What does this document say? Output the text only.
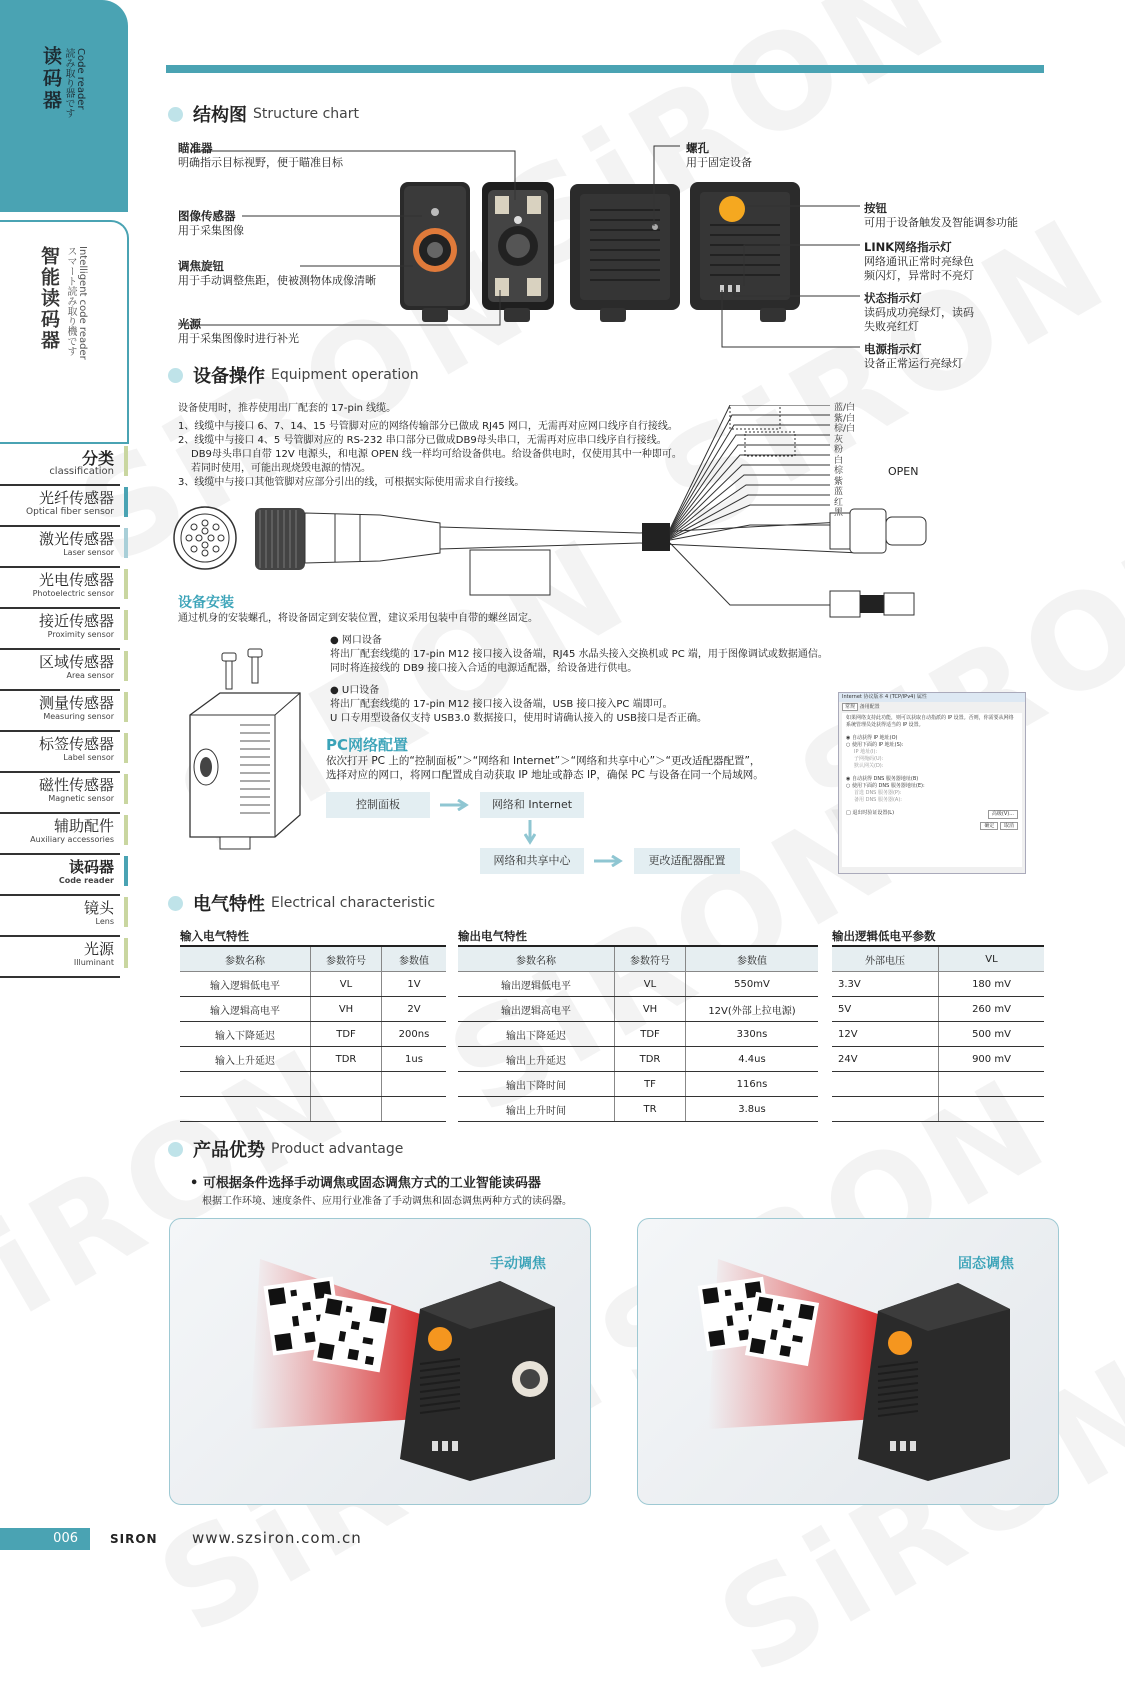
读码器	Code reader
読み取り器です
智能读码器	Intelligent code reader
スマート読み取り機です
分类
classification
光纤传感器
Optical fiber sensor
激光传感器
Laser sensor
光电传感器
Photoelectric sensor
接近传感器
Proximity sensor
区域传感器
Area sensor
测量传感器
Measuring sensor
标签传感器
Label sensor
磁性传感器
Magnetic sensor
辅助配件
Auxiliary accessories
读码器
Code reader
镜头
Lens
光源
Illuminant
结构图 Structure chart
瞄准器
明确指示目标视野，便于瞄准目标
图像传感器
用于采集图像
调焦旋钮
用于手动调整焦距，使被测物体成像清晰
光源
用于采集图像时进行补光
螺孔
用于固定设备
按钮
可用于设备触发及智能调参功能
LINK网络指示灯
网络通讯正常时亮绿色
频闪灯，异常时不亮灯
状态指示灯
读码成功亮绿灯，读码
失败亮红灯
电源指示灯
设备正常运行亮绿灯
设备操作 Equipment operation
设备使用时，推荐使用出厂配套的 17-pin 线缆。
1、线缆中与接口 6、7、14、15 号管脚对应的网络传输部分已做成 RJ45 网口，无需再对应网口线序自行接线。
2、线缆中与接口 4、5 号管脚对应的 RS-232 串口部分已做成DB9母头串口，无需再对应串口线序自行接线。
DB9母头串口自带 12V 电源头，和电源 OPEN 线一样均可给设备供电。给设备供电时，仅使用其中一种即可。
若同时使用，可能出现烧毁电源的情况。
3、线缆中与接口其他管脚对应部分引出的线，可根据实际使用需求自行接线。
蓝/白
紫/白
棕/白
灰
粉
白
棕
紫
蓝
红
黑
OPEN
设备安装
通过机身的安装螺孔，将设备固定到安装位置，建议采用包装中自带的螺丝固定。
● 网口设备
将出厂配套线缆的 17-pin M12 接口接入设备端，RJ45 水晶头接入交换机或 PC 端，用于图像调试或数据通信。
同时将连接线的 DB9 接口接入合适的电源适配器，给设备进行供电。
● U口设备
将出厂配套线缆的 17-pin M12 接口接入设备端，USB 接口接入PC 端即可。
U 口专用型设备仅支持 USB3.0 数据接口，使用时请确认接入的 USB接口是否正确。
PC网络配置
依次打开 PC 上的“控制面板”＞“网络和 Internet”＞“网络和共享中心”＞“更改适配器配置”，
选择对应的网口，将网口配置成自动获取 IP 地址或静态 IP，确保 PC 与设备在同一个局域网。
控制面板	网络和 Internet
网络和共享中心	更改适配器配置
Internet 协议版本 4 (TCP/IPv4) 属性
常规 备用配置
如果网络支持此功能，则可以获取自动指派的 IP 设置。否则，你需要从网络系统管理员处获得适当的 IP 设置。
◉ 自动获得 IP 地址(O)
○ 使用下面的 IP 地址(S):
IP 地址(I):
子网掩码(U):
默认网关(D):
◉ 自动获得 DNS 服务器地址(B)
○ 使用下面的 DNS 服务器地址(E):
首选 DNS 服务器(P):
备用 DNS 服务器(A):
□ 退出时验证设置(L)	高级(V)...
确定 取消
电气特性 Electrical characteristic
输入电气特性
参数名称	参数符号	参数值
输入逻辑低电平	VL	1V
输入逻辑高电平	VH	2V
输入下降延迟	TDF	200ns
输入上升延迟	TDR	1us

输出电气特性
参数名称	参数符号	参数值
输出逻辑低电平	VL	550mV
输出逻辑高电平	VH	12V(外部上拉电源)
输出下降延迟	TDF	330ns
输出上升延迟	TDR	4.4us
输出下降时间	TF	116ns
输出上升时间	TR	3.8us
输出逻辑低电平参数
外部电压	VL
3.3V	180 mV
5V	260 mV
12V	500 mV
24V	900 mV

产品优势 Product advantage
• 可根据条件选择手动调焦或固态调焦方式的工业智能读码器
根据工作环境、速度条件、应用行业准备了手动调焦和固态调焦两种方式的读码器。
手动调焦	固态调焦
006	SIRON www.szsiron.com.cn
